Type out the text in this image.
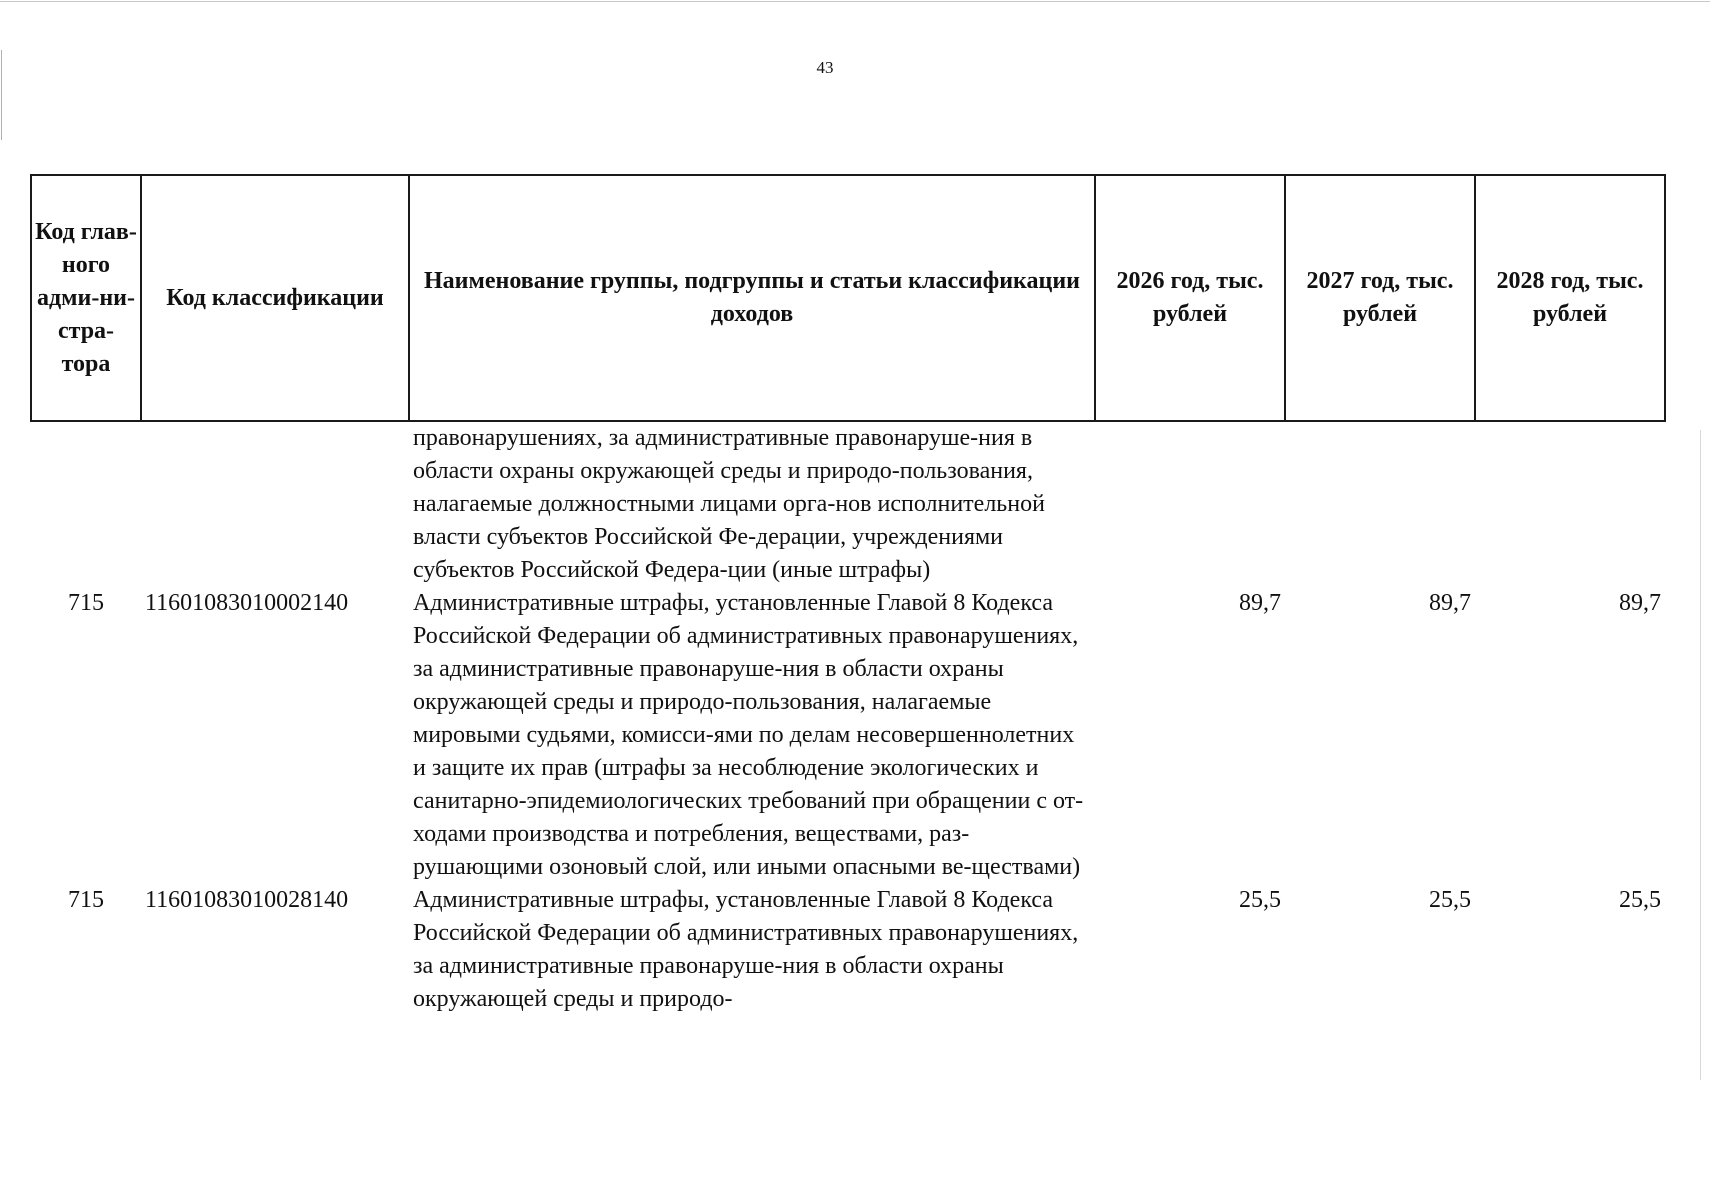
43
Код глав-ного адми-ни-стра-тора	Код классификации	Наименование группы, подгруппы и статьи классификации доходов	2026 год, тыс. рублей	2027 год, тыс. рублей	2028 год, тыс. рублей
		правонарушениях, за административные правонаруше-ния в области охраны окружающей среды и природо-пользования, налагаемые должностными лицами орга-нов исполнительной власти субъектов Российской Фе-дерации, учреждениями субъектов Российской Федера-ции (иные штрафы)			
715	11601083010002140	Административные штрафы, установленные Главой 8 Кодекса Российской Федерации об административных правонарушениях, за административные правонаруше-ния в области охраны окружающей среды и природо-пользования, налагаемые мировыми судьями, комисси-ями по делам несовершеннолетних и защите их прав (штрафы за несоблюдение экологических и санитарно-эпидемиологических требований при обращении с от-ходами производства и потребления, веществами, раз-рушающими озоновый слой, или иными опасными ве-ществами)	89,7	89,7	89,7
715	11601083010028140	Административные штрафы, установленные Главой 8 Кодекса Российской Федерации об административных правонарушениях, за административные правонаруше-ния в области охраны окружающей среды и природо-	25,5	25,5	25,5
